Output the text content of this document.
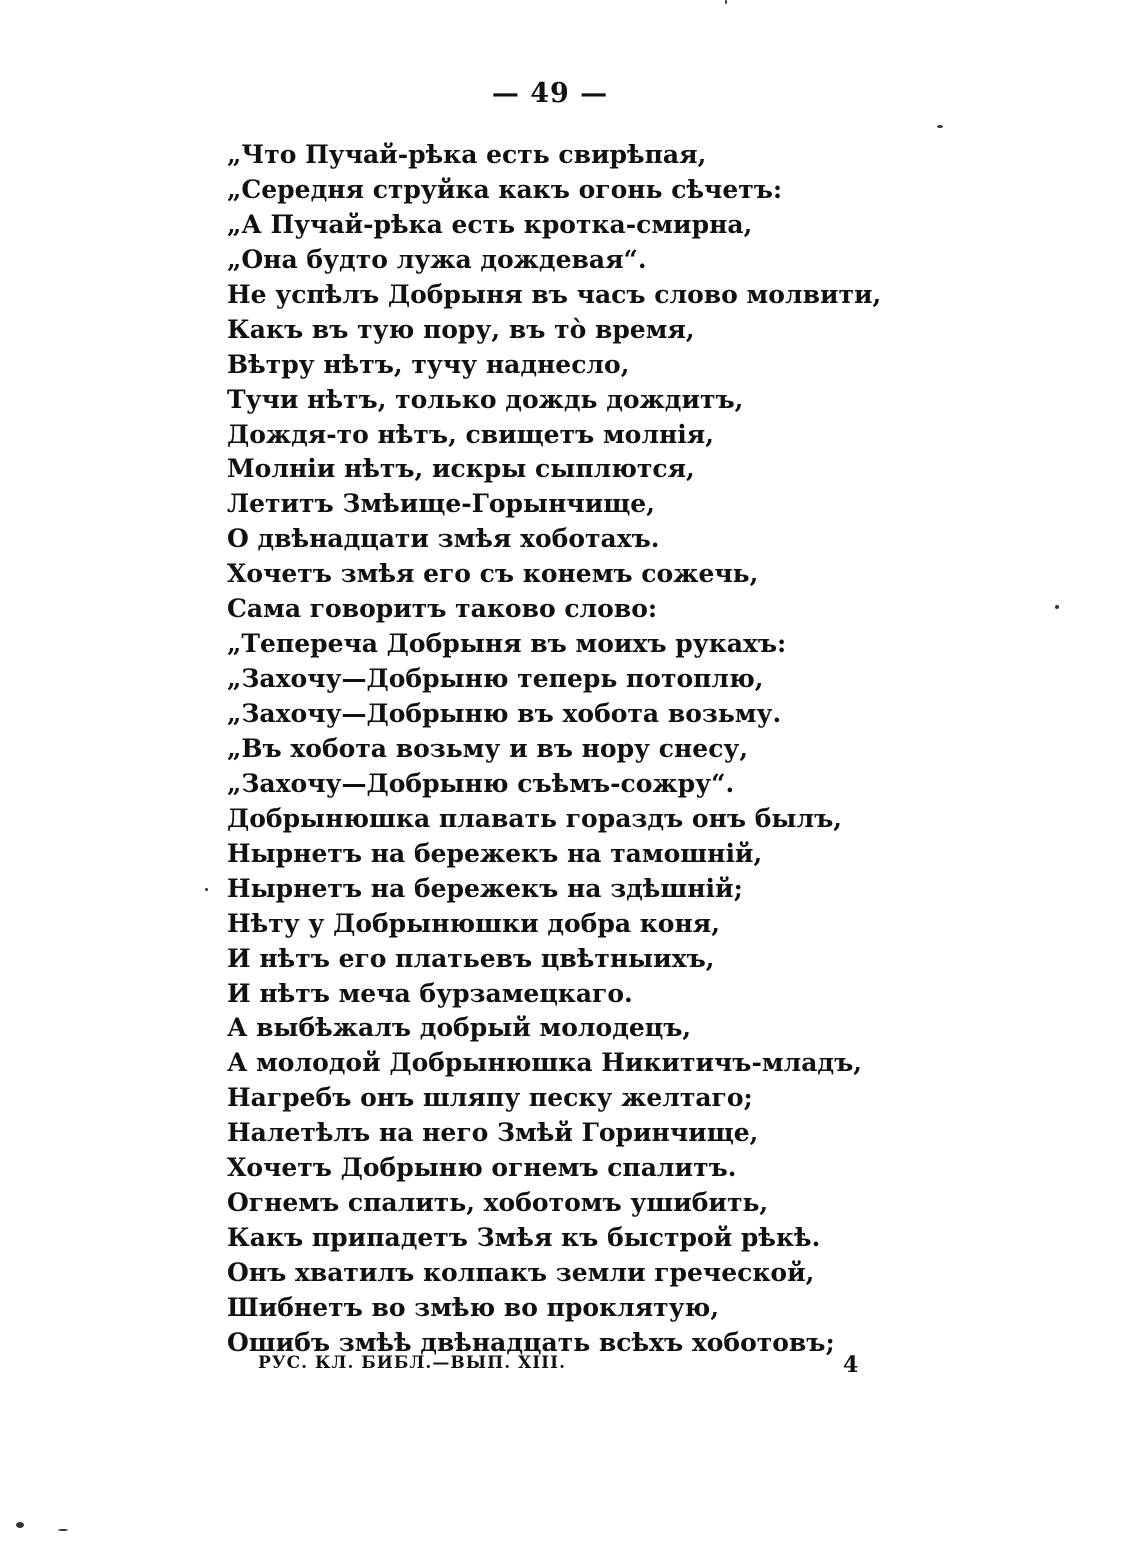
— 49 —
„Что Пучай-рѣка есть свирѣпая,
„Середня струйка какъ огонь сѣчетъ:
„А Пучай-рѣка есть кротка-смирна,
„Она будто лужа дождевая“.
Не успѣлъ Добрыня въ часъ слово молвити,
Какъ въ тую пору, въ то̀ время,
Вѣтру нѣтъ, тучу наднесло,
Тучи нѣтъ, только дождь дождитъ,
Дождя-то нѣтъ, свищетъ молнія,
Молніи нѣтъ, искры сыплются,
Летитъ Змѣище-Горынчище,
О двѣнадцати змѣя хоботахъ.
Хочетъ змѣя его съ конемъ сожечь,
Сама говоритъ таково слово:
„Тепереча Добрыня въ моихъ рукахъ:
„Захочу—Добрыню теперь потоплю,
„Захочу—Добрыню въ хобота возьму.
„Въ хобота возьму и въ нору снесу,
„Захочу—Добрыню съѣмъ-сожру“.
Добрынюшка плавать гораздъ онъ былъ,
Нырнетъ на бережекъ на тамошній,
Нырнетъ на бережекъ на здѣшній;
Нѣту у Добрынюшки добра коня,
И нѣтъ его платьевъ цвѣтныихъ,
И нѣтъ меча бурзамецкаго.
А выбѣжалъ добрый молодецъ,
А молодой Добрынюшка Никитичъ-младъ,
Нагребъ онъ шляпу песку желтаго;
Налетѣлъ на него Змѣй Горинчище,
Хочетъ Добрыню огнемъ спалитъ.
Огнемъ спалить, хоботомъ ушибить,
Какъ припадетъ Змѣя къ быстрой рѣкѣ.
Онъ хватилъ колпакъ земли греческой,
Шибнетъ во змѣю во проклятую,
Ошибъ змѣѣ двѣнадцать всѣхъ хоботовъ;
РУС. КЛ. БИБЛ.—ВЫП. XIII.	4
